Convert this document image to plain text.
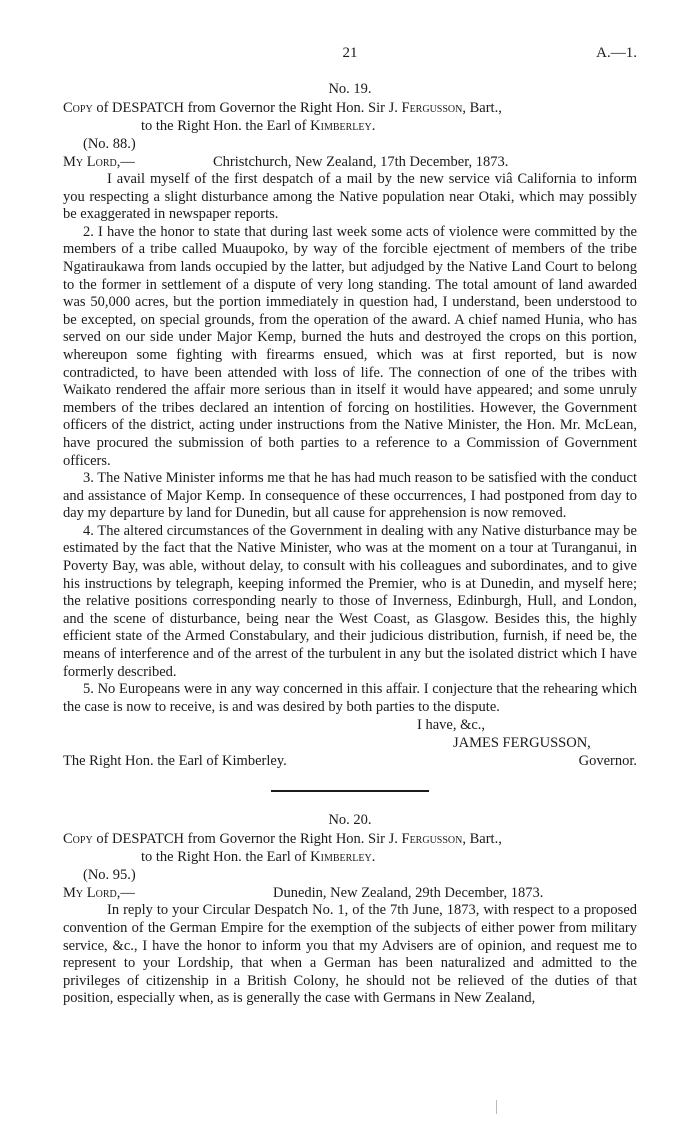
21	A.—1.
No. 19.
Copy of DESPATCH from Governor the Right Hon. Sir J. Fergusson, Bart.,
to the Right Hon. the Earl of Kimberley.
(No. 88.)
My Lord,—	Christchurch, New Zealand, 17th December, 1873.

I avail myself of the first despatch of a mail by the new service viâ California to inform you respecting a slight disturbance among the Native population near Otaki, which may possibly be exaggerated in newspaper reports.

2. I have the honor to state that during last week some acts of violence were committed by the members of a tribe called Muaupoko, by way of the forcible ejectment of members of the tribe Ngatiraukawa from lands occupied by the latter, but adjudged by the Native Land Court to belong to the former in settlement of a dispute of very long standing. The total amount of land awarded was 50,000 acres, but the portion immediately in question had, I understand, been understood to be excepted, on special grounds, from the operation of the award. A chief named Hunia, who has served on our side under Major Kemp, burned the huts and destroyed the crops on this portion, whereupon some fighting with firearms ensued, which was at first reported, but is now contradicted, to have been attended with loss of life. The connection of one of the tribes with Waikato rendered the affair more serious than in itself it would have appeared; and some unruly members of the tribes declared an intention of forcing on hostilities. However, the Government officers of the district, acting under instructions from the Native Minister, the Hon. Mr. McLean, have procured the submission of both parties to a reference to a Commission of Government officers.

3. The Native Minister informs me that he has had much reason to be satisfied with the conduct and assistance of Major Kemp. In consequence of these occurrences, I had postponed from day to day my departure by land for Dunedin, but all cause for apprehension is now removed.

4. The altered circumstances of the Government in dealing with any Native disturbance may be estimated by the fact that the Native Minister, who was at the moment on a tour at Turanganui, in Poverty Bay, was able, without delay, to consult with his colleagues and subordinates, and to give his instructions by telegraph, keeping informed the Premier, who is at Dunedin, and myself here; the relative positions corresponding nearly to those of Inverness, Edinburgh, Hull, and London, and the scene of disturbance, being near the West Coast, as Glasgow. Besides this, the highly efficient state of the Armed Constabulary, and their judicious distribution, furnish, if need be, the means of interference and of the arrest of the turbulent in any but the isolated district which I have formerly described.

5. No Europeans were in any way concerned in this affair. I conjecture that the rehearing which the case is now to receive, is and was desired by both parties to the dispute.

I have, &c.,
JAMES FERGUSSON,
The Right Hon. the Earl of Kimberley.	Governor.
No. 20.
Copy of DESPATCH from Governor the Right Hon. Sir J. Fergusson, Bart.,
to the Right Hon. the Earl of Kimberley.
(No. 95.)
My Lord,—	Dunedin, New Zealand, 29th December, 1873.

In reply to your Circular Despatch No. 1, of the 7th June, 1873, with respect to a proposed convention of the German Empire for the exemption of the subjects of either power from military service, &c., I have the honor to inform you that my Advisers are of opinion, and request me to represent to your Lordship, that when a German has been naturalized and admitted to the privileges of citizenship in a British Colony, he should not be relieved of the duties of that position, especially when, as is generally the case with Germans in New Zealand,
